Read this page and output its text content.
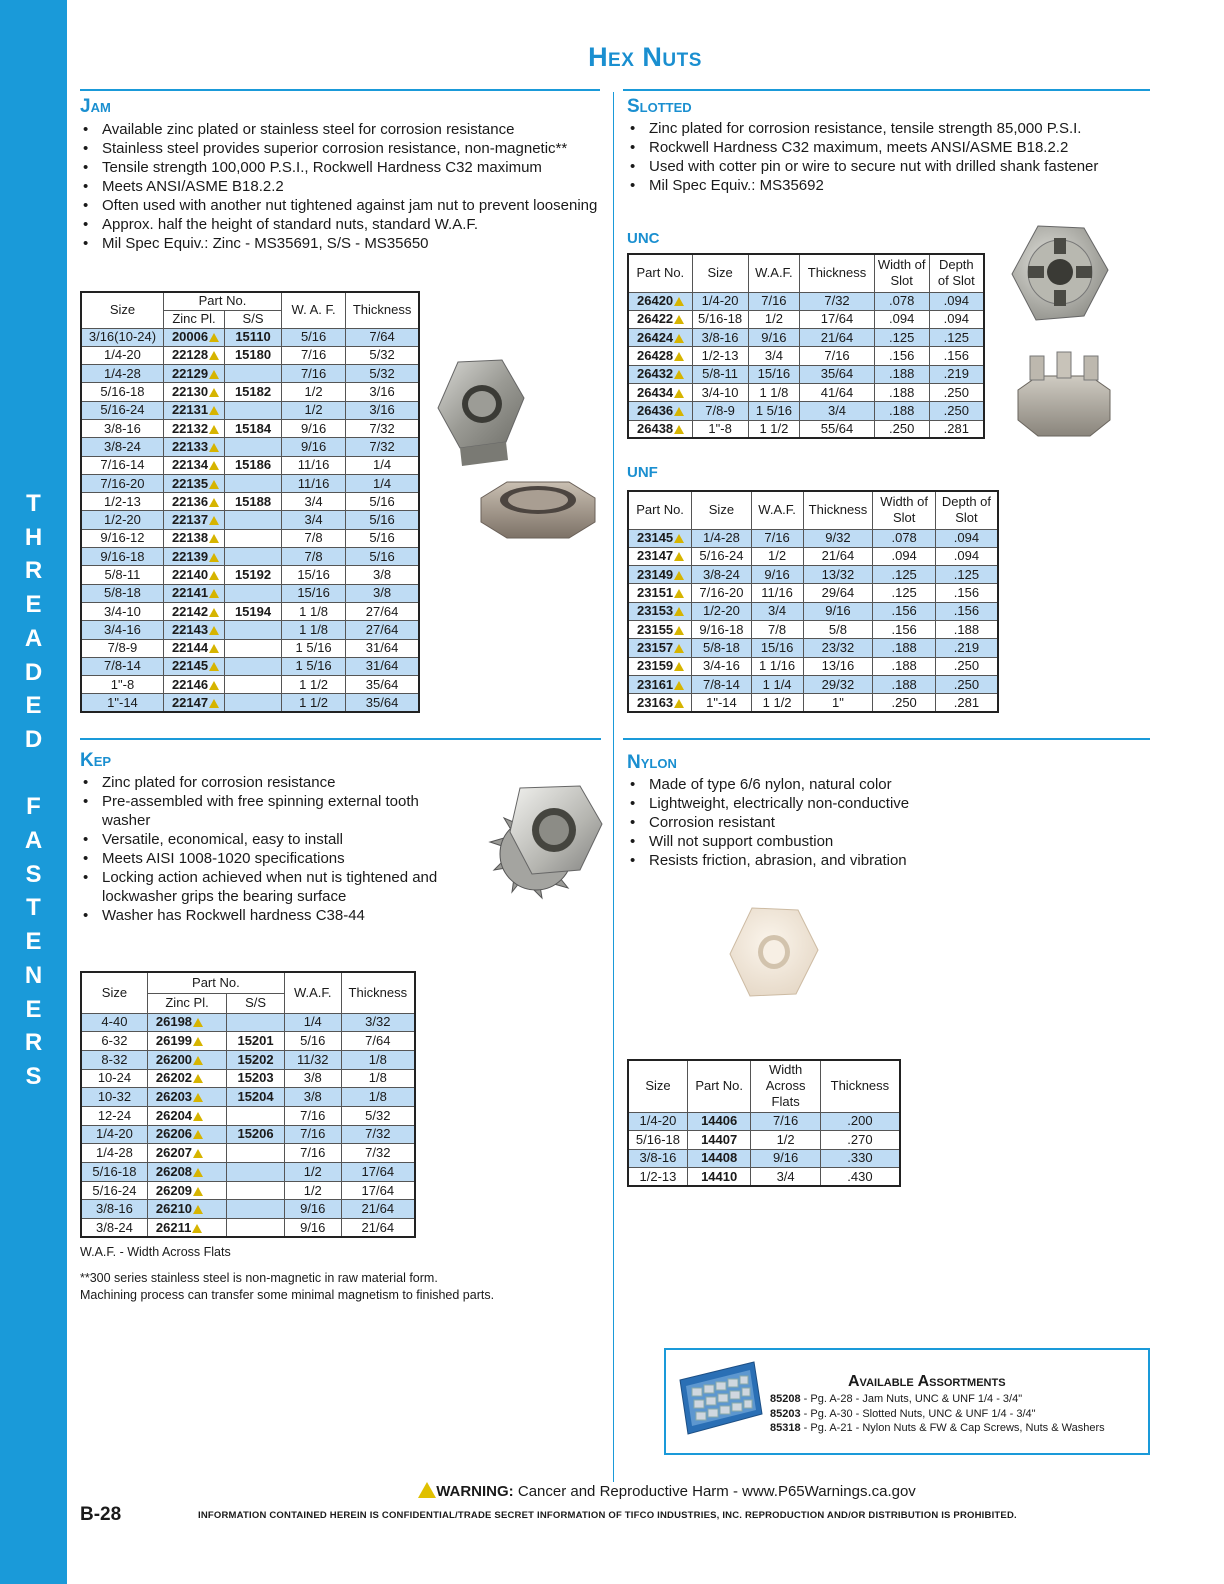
T
H
R
E
A
D
E
D

F
A
S
T
E
N
E
R
S
Hex Nuts
Jam
• Available zinc plated or stainless steel for corrosion resistance
• Stainless steel provides superior corrosion resistance, non-magnetic**
• Tensile strength 100,000 P.S.I., Rockwell Hardness C32 maximum
• Meets ANSI/ASME B18.2.2
• Often used with another nut tightened against jam nut to prevent loosening
• Approx. half the height of standard nuts, standard W.A.F.
• Mil Spec Equiv.: Zinc - MS35691, S/S - MS35650
Size	Part No.		W. A. F.	Thickness
	Zinc Pl.	S/S		
3/16(10-24)	20006	15110	5/16	7/64
1/4-20	22128	15180	7/16	5/32
1/4-28	22129		7/16	5/32
5/16-18	22130	15182	1/2	3/16
5/16-24	22131		1/2	3/16
3/8-16	22132	15184	9/16	7/32
3/8-24	22133		9/16	7/32
7/16-14	22134	15186	11/16	1/4
7/16-20	22135		11/16	1/4
1/2-13	22136	15188	3/4	5/16
1/2-20	22137		3/4	5/16
9/16-12	22138		7/8	5/16
9/16-18	22139		7/8	5/16
5/8-11	22140	15192	15/16	3/8
5/8-18	22141		15/16	3/8
3/4-10	22142	15194	1 1/8	27/64
3/4-16	22143		1 1/8	27/64
7/8-9	22144		1 5/16	31/64
7/8-14	22145		1 5/16	31/64
1"-8	22146		1 1/2	35/64
1"-14	22147		1 1/2	35/64
Slotted
• Zinc plated for corrosion resistance, tensile strength 85,000 P.S.I.
• Rockwell Hardness C32 maximum, meets ANSI/ASME B18.2.2
• Used with cotter pin or wire to secure nut with drilled shank fastener
• Mil Spec Equiv.: MS35692
UNC
Part No.	Size	W.A.F.	Thickness	Width of Slot	Depth of Slot
26420	1/4-20	7/16	7/32	.078	.094
26422	5/16-18	1/2	17/64	.094	.094
26424	3/8-16	9/16	21/64	.125	.125
26428	1/2-13	3/4	7/16	.156	.156
26432	5/8-11	15/16	35/64	.188	.219
26434	3/4-10	1 1/8	41/64	.188	.250
26436	7/8-9	1 5/16	3/4	.188	.250
26438	1"-8	1 1/2	55/64	.250	.281
UNF
Part No.	Size	W.A.F.	Thickness	Width of Slot	Depth of Slot
23145	1/4-28	7/16	9/32	.078	.094
23147	5/16-24	1/2	21/64	.094	.094
23149	3/8-24	9/16	13/32	.125	.125
23151	7/16-20	11/16	29/64	.125	.156
23153	1/2-20	3/4	9/16	.156	.156
23155	9/16-18	7/8	5/8	.156	.188
23157	5/8-18	15/16	23/32	.188	.219
23159	3/4-16	1 1/16	13/16	.188	.250
23161	7/8-14	1 1/4	29/32	.188	.250
23163	1"-14	1 1/2	1"	.250	.281
Kep
• Zinc plated for corrosion resistance
• Pre-assembled with free spinning external tooth washer
• Versatile, economical, easy to install
• Meets AISI 1008-1020 specifications
• Locking action achieved when nut is tightened and lockwasher grips the bearing surface
• Washer has Rockwell hardness C38-44
Size	Part No.		W.A.F.	Thickness
	Zinc Pl.	S/S		
4-40	26198		1/4	3/32
6-32	26199	15201	5/16	7/64
8-32	26200	15202	11/32	1/8
10-24	26202	15203	3/8	1/8
10-32	26203	15204	3/8	1/8
12-24	26204		7/16	5/32
1/4-20	26206	15206	7/16	7/32
1/4-28	26207		7/16	7/32
5/16-18	26208		1/2	17/64
5/16-24	26209		1/2	17/64
3/8-16	26210		9/16	21/64
3/8-24	26211		9/16	21/64
W.A.F. - Width Across Flats
**300 series stainless steel is non-magnetic in raw material form.
Machining process can transfer some minimal magnetism to finished parts.
Nylon
• Made of type 6/6 nylon, natural color
• Lightweight, electrically non-conductive
• Corrosion resistant
• Will not support combustion
• Resists friction, abrasion, and vibration
Size	Part No.	Width Across Flats	Thickness
1/4-20	14406	7/16	.200
5/16-18	14407	1/2	.270
3/8-16	14408	9/16	.330
1/2-13	14410	3/4	.430
Available Assortments
85208 - Pg. A-28 - Jam Nuts, UNC & UNF 1/4 - 3/4"
85203 - Pg. A-30 - Slotted Nuts, UNC & UNF 1/4 - 3/4"
85318 - Pg. A-21 - Nylon Nuts & FW & Cap Screws, Nuts & Washers
WARNING: Cancer and Reproductive Harm - www.P65Warnings.ca.gov
B-28	INFORMATION CONTAINED HEREIN IS CONFIDENTIAL/TRADE SECRET INFORMATION OF TIFCO INDUSTRIES, INC. REPRODUCTION AND/OR DISTRIBUTION IS PROHIBITED.
